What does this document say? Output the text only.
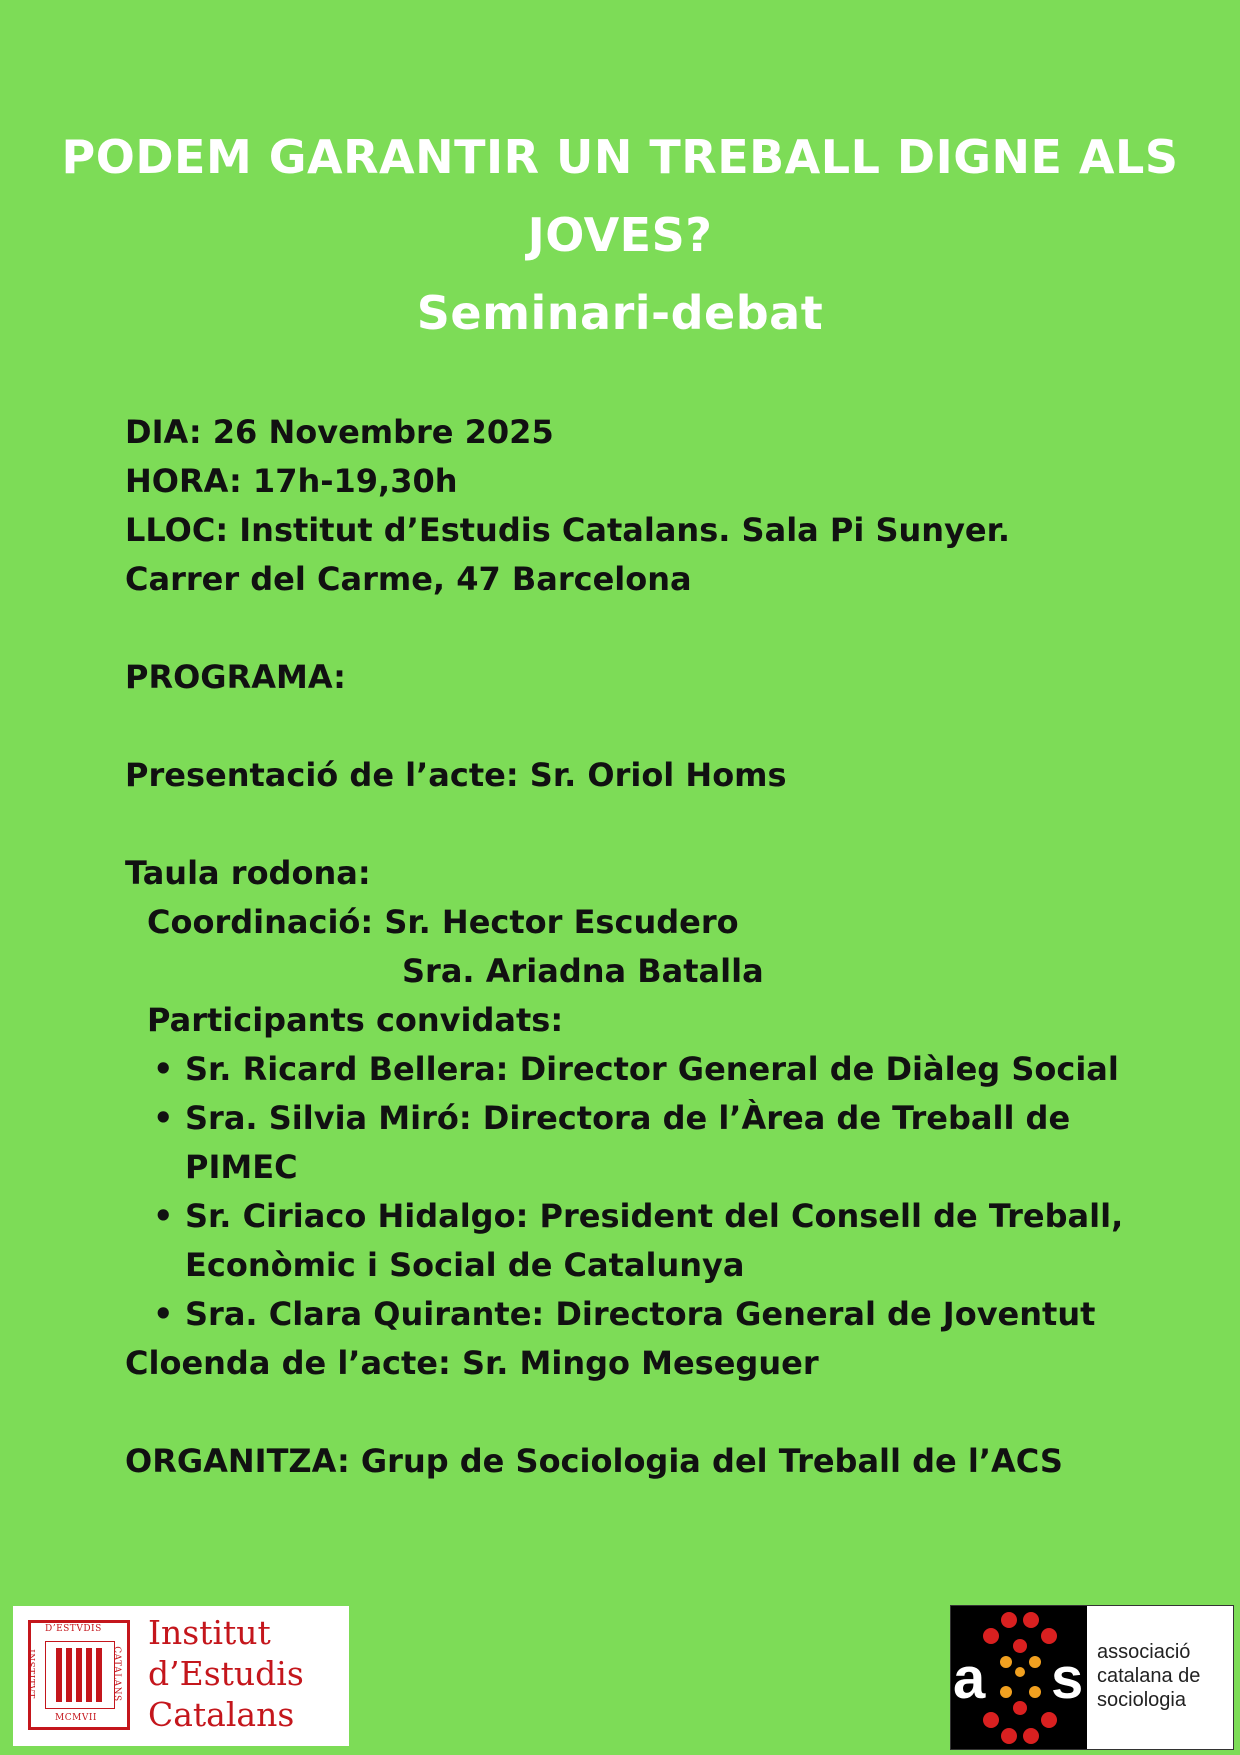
PODEM GARANTIR UN TREBALL DIGNE ALS
JOVES?
Seminari-debat
DIA: 26 Novembre 2025
HORA: 17h-19,30h
LLOC: Institut d’Estudis Catalans. Sala Pi Sunyer.
Carrer del Carme, 47 Barcelona
PROGRAMA:
Presentació de l’acte: Sr. Oriol Homs
Taula rodona:
Coordinació: Sr. Hector Escudero
Sra. Ariadna Batalla
Participants convidats:
• Sr. Ricard Bellera: Director General de Diàleg Social
• Sra. Silvia Miró: Directora de l’Àrea de Treball de PIMEC
• Sr. Ciriaco Hidalgo: President del Consell de Treball, Econòmic i Social de Catalunya
• Sra. Clara Quirante: Directora General de Joventut
Cloenda de l’acte: Sr. Mingo Meseguer
ORGANITZA: Grup de Sociologia del Treball de l’ACS
D’ESTVDIS
INSTITVT	CATALANS
MCMVII
Institut
d’Estudis
Catalans
a s associació
catalana de
sociologia
